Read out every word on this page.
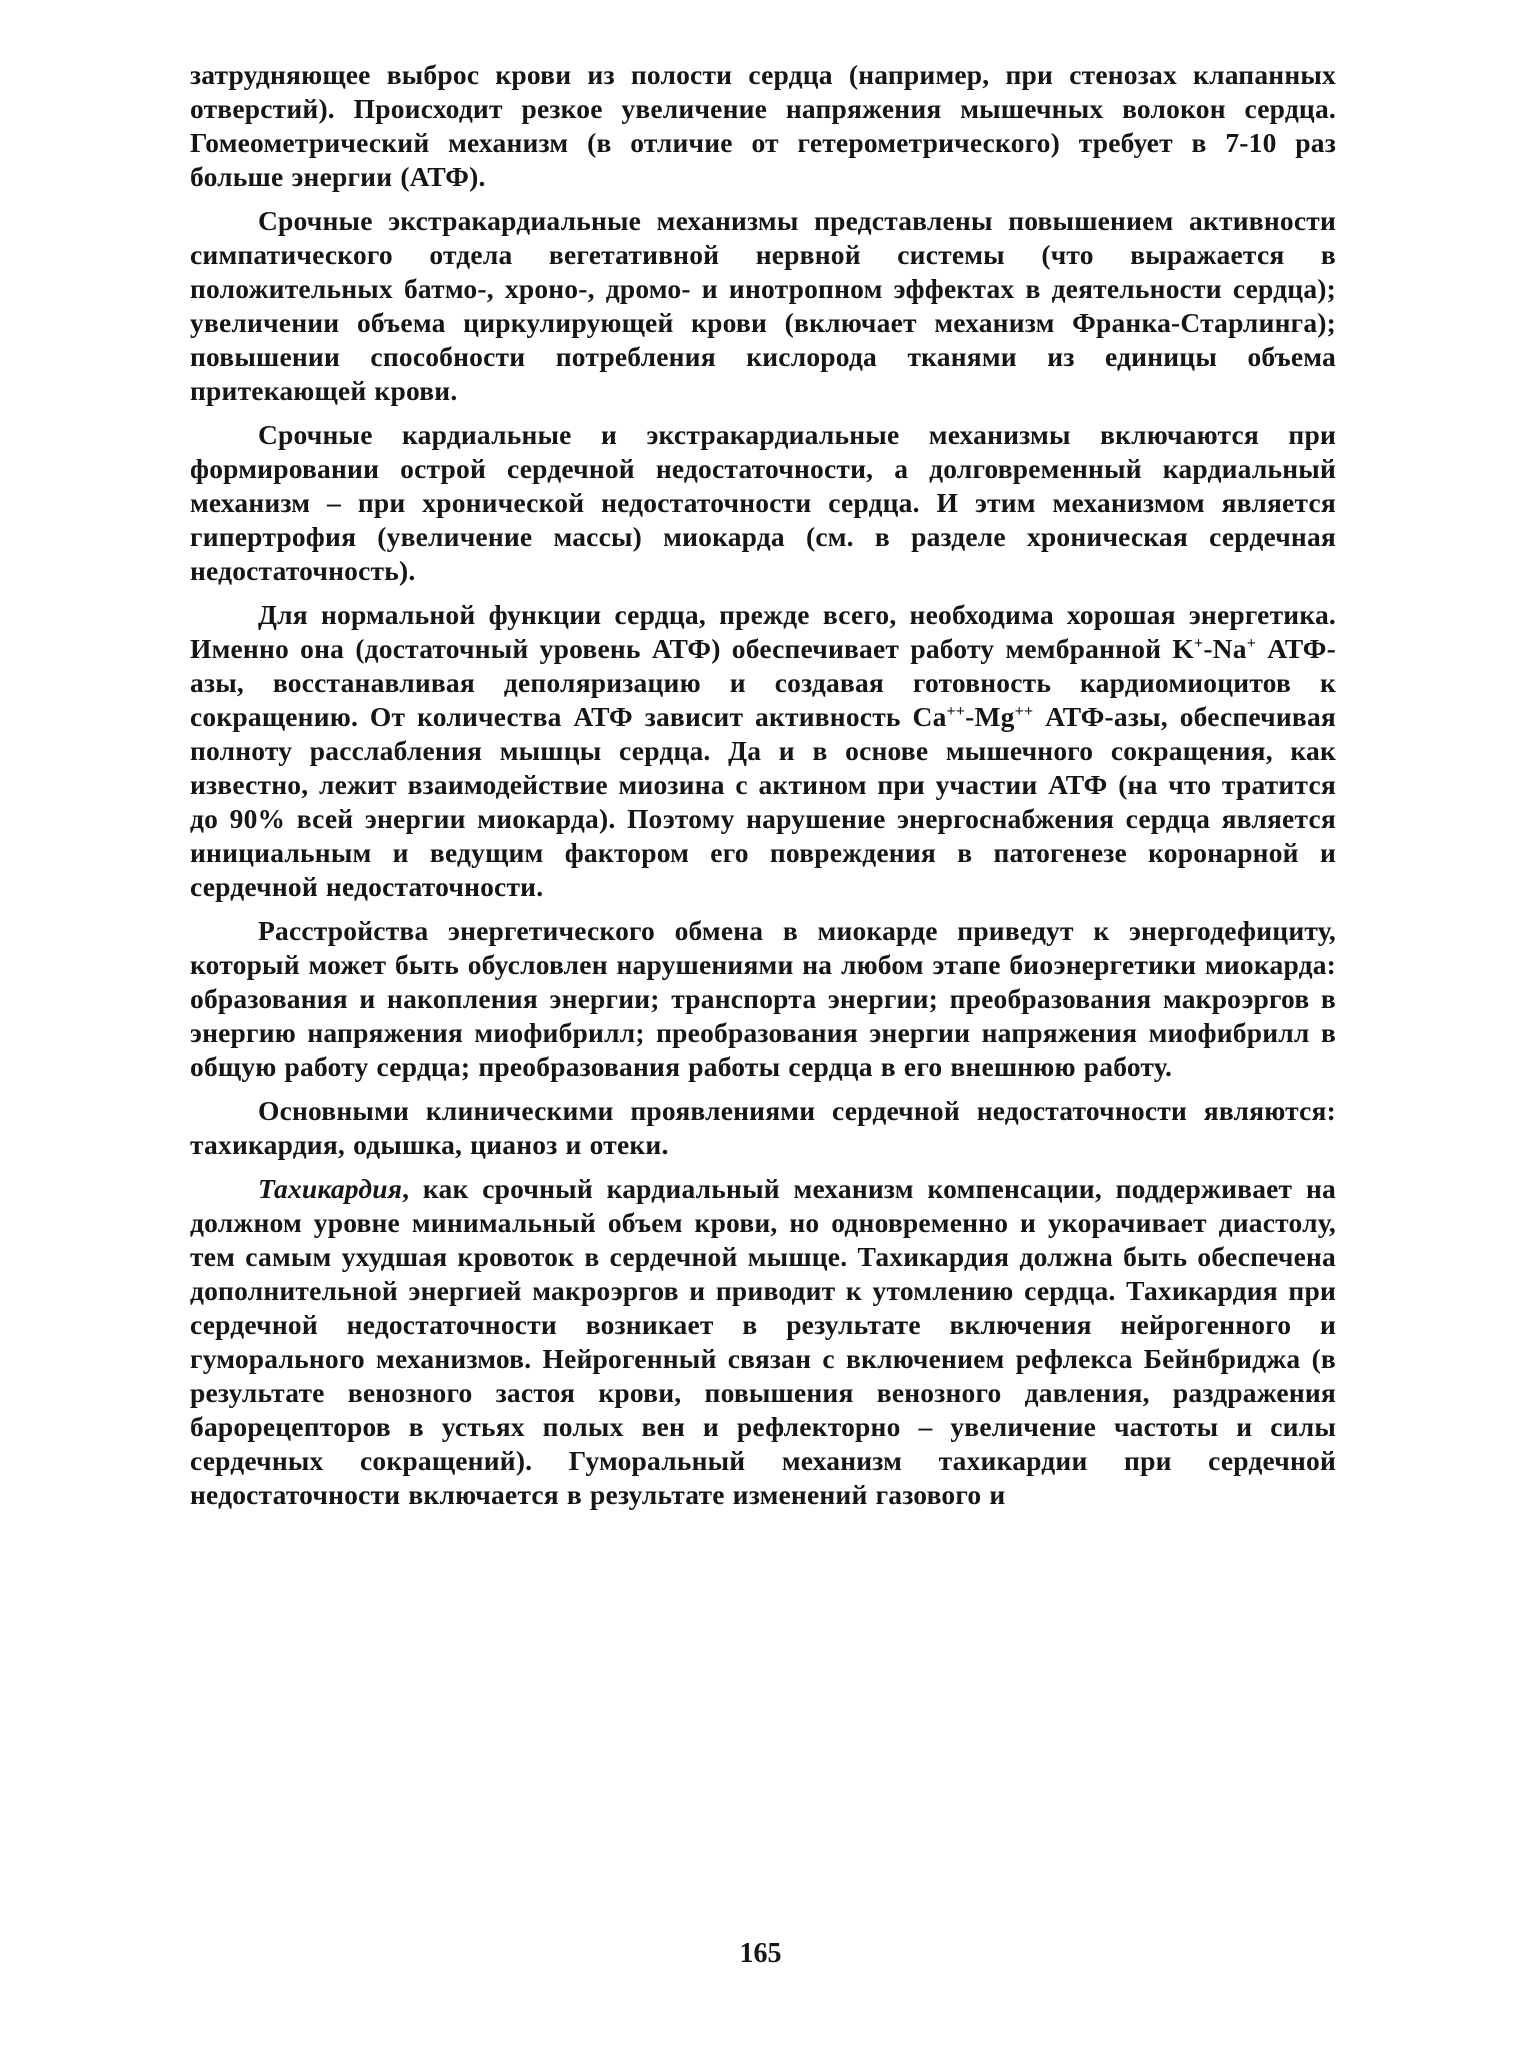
затрудняющее выброс крови из полости сердца (например, при стенозах клапанных отверстий). Происходит резкое увеличение напряжения мышечных волокон сердца. Гомеометрический механизм (в отличие от гетерометрического) требует в 7-10 раз больше энергии (АТФ).

Срочные экстракардиальные механизмы представлены повышением активности симпатического отдела вегетативной нервной системы (что выражается в положительных батмо-, хроно-, дромо- и инотропном эффектах в деятельности сердца); увеличении объема циркулирующей крови (включает механизм Франка-Старлинга); повышении способности потребления кислорода тканями из единицы объема притекающей крови.

Срочные кардиальные и экстракардиальные механизмы включаются при формировании острой сердечной недостаточности, а долговременный кардиальный механизм – при хронической недостаточности сердца. И этим механизмом является гипертрофия (увеличение массы) миокарда (см. в разделе хроническая сердечная недостаточность).

Для нормальной функции сердца, прежде всего, необходима хорошая энергетика. Именно она (достаточный уровень АТФ) обеспечивает работу мембранной K+-Na+ АТФ-азы, восстанавливая деполяризацию и создавая готовность кардиомиоцитов к сокращению. От количества АТФ зависит активность Ca++-Mg++ АТФ-азы, обеспечивая полноту расслабления мышцы сердца. Да и в основе мышечного сокращения, как известно, лежит взаимодействие миозина с актином при участии АТФ (на что тратится до 90% всей энергии миокарда). Поэтому нарушение энергоснабжения сердца является инициальным и ведущим фактором его повреждения в патогенезе коронарной и сердечной недостаточности.

Расстройства энергетического обмена в миокарде приведут к энергодефициту, который может быть обусловлен нарушениями на любом этапе биоэнергетики миокарда: образования и накопления энергии; транспорта энергии; преобразования макроэргов в энергию напряжения миофибрилл; преобразования энергии напряжения миофибрилл в общую работу сердца; преобразования работы сердца в его внешнюю работу.

Основными клиническими проявлениями сердечной недостаточности являются: тахикардия, одышка, цианоз и отеки.

Тахикардия, как срочный кардиальный механизм компенсации, поддерживает на должном уровне минимальный объем крови, но одновременно и укорачивает диастолу, тем самым ухудшая кровоток в сердечной мышце. Тахикардия должна быть обеспечена дополнительной энергией макроэргов и приводит к утомлению сердца. Тахикардия при сердечной недостаточности возникает в результате включения нейрогенного и гуморального механизмов. Нейрогенный связан с включением рефлекса Бейнбриджа (в результате венозного застоя крови, повышения венозного давления, раздражения барорецепторов в устьях полых вен и рефлекторно – увеличение частоты и силы сердечных сокращений). Гуморальный механизм тахикардии при сердечной недостаточности включается в результате изменений газового и

165
